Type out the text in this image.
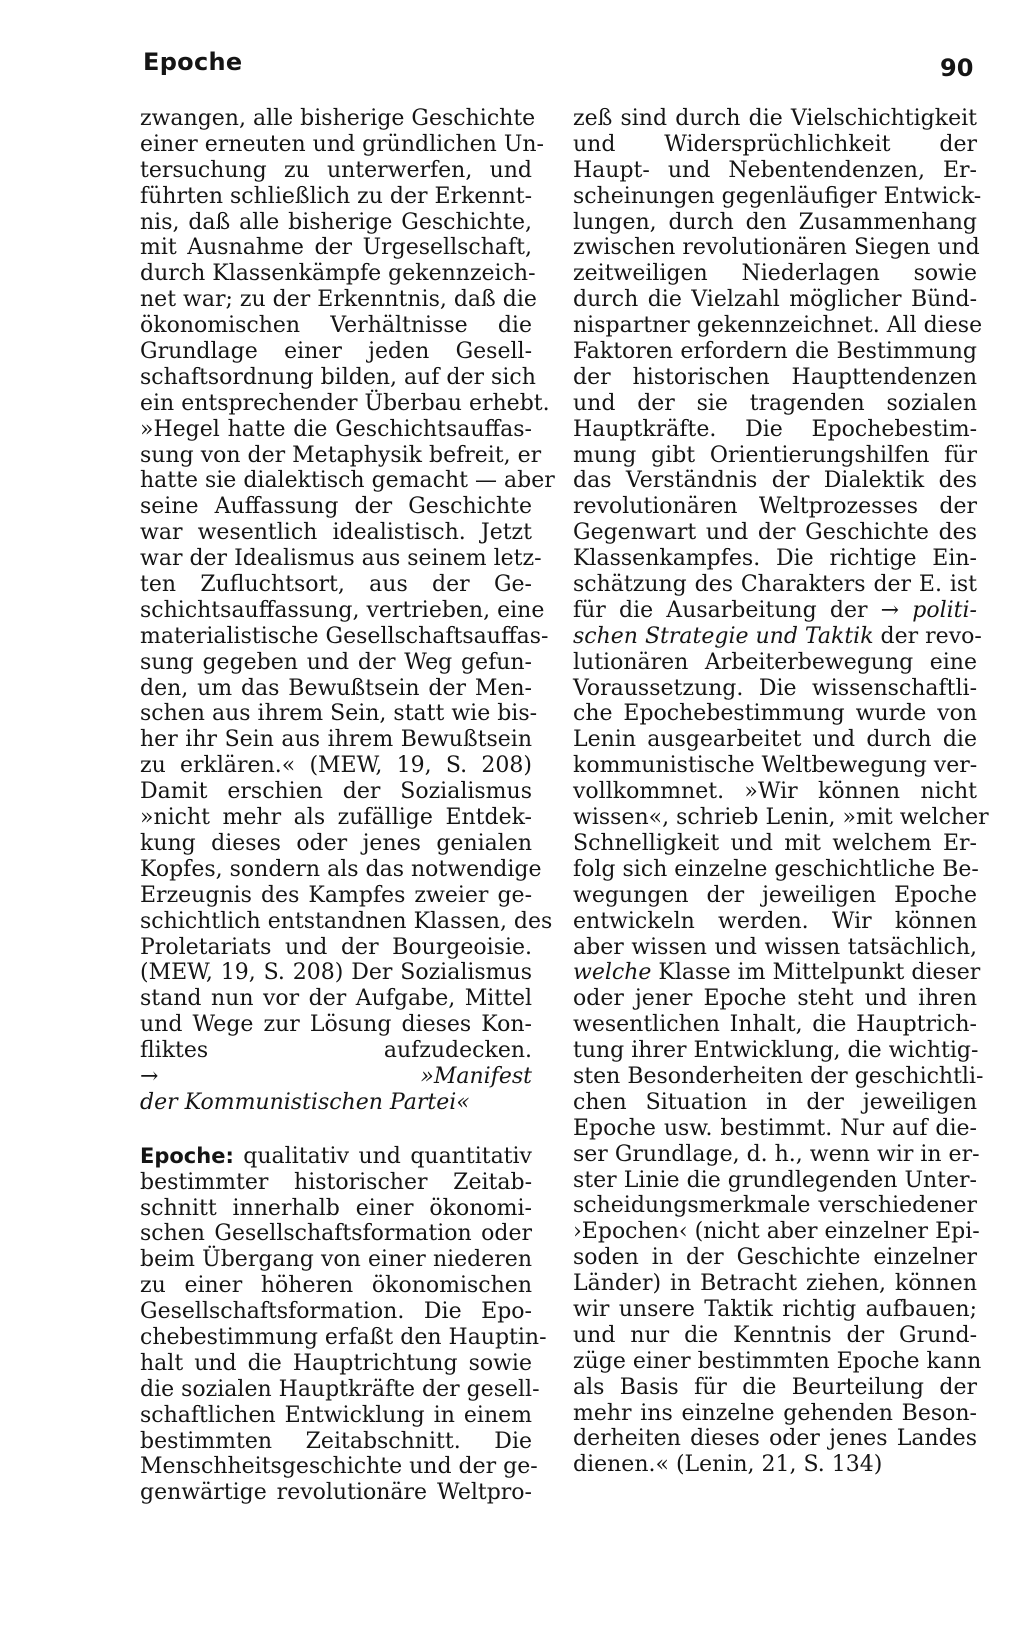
Epoche	90
zwangen, alle bisherige Geschichte
einer erneuten und gründlichen Un-
tersuchung zu unterwerfen, und
führten schließlich zu der Erkennt-
nis, daß alle bisherige Geschichte,
mit Ausnahme der Urgesellschaft,
durch Klassenkämpfe gekennzeich-
net war; zu der Erkenntnis, daß die
ökonomischen Verhältnisse die
Grundlage einer jeden Gesell-
schaftsordnung bilden, auf der sich
ein entsprechender Überbau erhebt.
»Hegel hatte die Geschichtsauffas-
sung von der Metaphysik befreit, er
hatte sie dialektisch gemacht — aber
seine Auffassung der Geschichte
war wesentlich idealistisch. Jetzt
war der Idealismus aus seinem letz-
ten Zufluchtsort, aus der Ge-
schichtsauffassung, vertrieben, eine
materialistische Gesellschaftsauffas-
sung gegeben und der Weg gefun-
den, um das Bewußtsein der Men-
schen aus ihrem Sein, statt wie bis-
her ihr Sein aus ihrem Bewußtsein
zu erklären.« (MEW, 19, S. 208)
Damit erschien der Sozialismus
»nicht mehr als zufällige Entdek-
kung dieses oder jenes genialen
Kopfes, sondern als das notwendige
Erzeugnis des Kampfes zweier ge-
schichtlich entstandnen Klassen, des
Proletariats und der Bourgeoisie.
(MEW, 19, S. 208) Der Sozialismus
stand nun vor der Aufgabe, Mittel
und Wege zur Lösung dieses Kon-
fliktes aufzudecken.
→	»Manifest
der Kommunistischen Partei«
Epoche: qualitativ und quantitativ
bestimmter historischer Zeitab-
schnitt innerhalb einer ökonomi-
schen Gesellschaftsformation oder
beim Übergang von einer niederen
zu einer höheren ökonomischen
Gesellschaftsformation. Die Epo-
chebestimmung erfaßt den Hauptin-
halt und die Hauptrichtung sowie
die sozialen Hauptkräfte der gesell-
schaftlichen Entwicklung in einem
bestimmten Zeitabschnitt. Die
Menschheitsgeschichte und der ge-
genwärtige revolutionäre Weltpro-
zeß sind durch die Vielschichtigkeit
und Widersprüchlichkeit der
Haupt- und Nebentendenzen, Er-
scheinungen gegenläufiger Entwick-
lungen, durch den Zusammenhang
zwischen revolutionären Siegen und
zeitweiligen Niederlagen sowie
durch die Vielzahl möglicher Bünd-
nispartner gekennzeichnet. All diese
Faktoren erfordern die Bestimmung
der historischen Haupttendenzen
und der sie tragenden sozialen
Hauptkräfte. Die Epochebestim-
mung gibt Orientierungshilfen für
das Verständnis der Dialektik des
revolutionären Weltprozesses der
Gegenwart und der Geschichte des
Klassenkampfes. Die richtige Ein-
schätzung des Charakters der E. ist
für die Ausarbeitung der → politi-
schen Strategie und Taktik der revo-
lutionären Arbeiterbewegung eine
Voraussetzung. Die wissenschaftli-
che Epochebestimmung wurde von
Lenin ausgearbeitet und durch die
kommunistische Weltbewegung ver-
vollkommnet. »Wir können nicht
wissen«, schrieb Lenin, »mit welcher
Schnelligkeit und mit welchem Er-
folg sich einzelne geschichtliche Be-
wegungen der jeweiligen Epoche
entwickeln werden. Wir können
aber wissen und wissen tatsächlich,
welche Klasse im Mittelpunkt dieser
oder jener Epoche steht und ihren
wesentlichen Inhalt, die Hauptrich-
tung ihrer Entwicklung, die wichtig-
sten Besonderheiten der geschichtli-
chen Situation in der jeweiligen
Epoche usw. bestimmt. Nur auf die-
ser Grundlage, d. h., wenn wir in er-
ster Linie die grundlegenden Unter-
scheidungsmerkmale verschiedener
›Epochen‹ (nicht aber einzelner Epi-
soden in der Geschichte einzelner
Länder) in Betracht ziehen, können
wir unsere Taktik richtig aufbauen;
und nur die Kenntnis der Grund-
züge einer bestimmten Epoche kann
als Basis für die Beurteilung der
mehr ins einzelne gehenden Beson-
derheiten dieses oder jenes Landes
dienen.« (Lenin, 21, S. 134)
